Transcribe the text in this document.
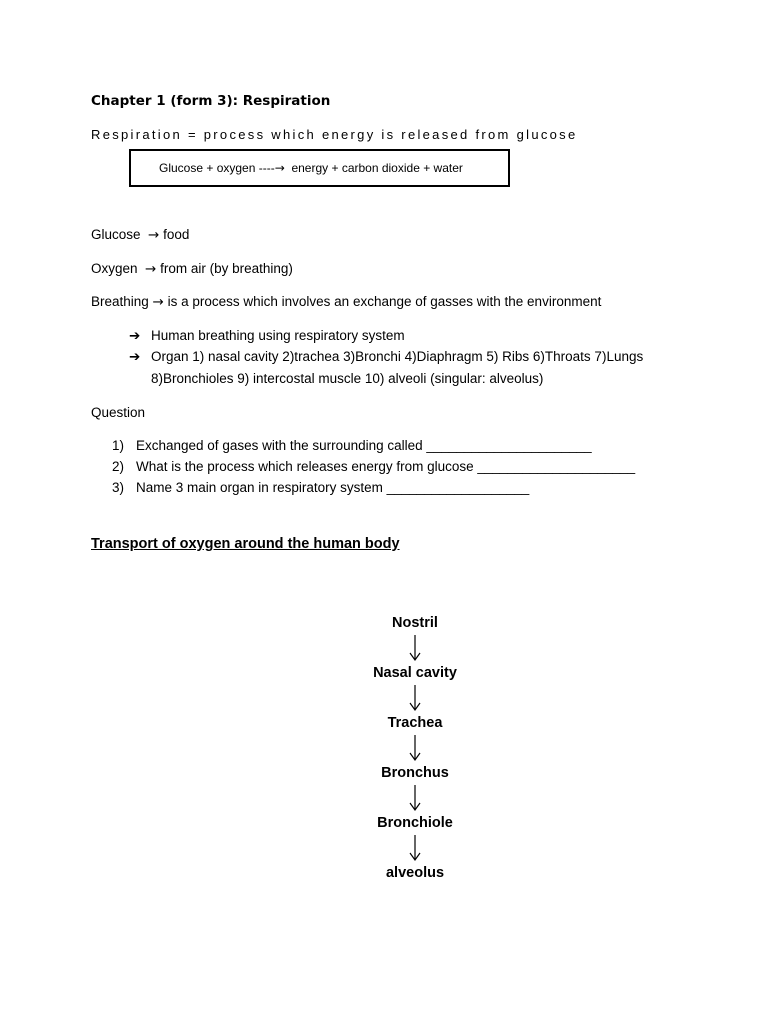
Chapter 1 (form 3): Respiration
Respiration = process which energy is released from glucose
Glucose + oxygen ---- → energy + carbon dioxide + water
Glucose  → food
Oxygen  → from air (by breathing)
Breathing → is a process which involves an exchange of gasses with the environment
➔ Human breathing using respiratory system
➔ Organ 1) nasal cavity 2)trachea 3)Bronchi 4)Diaphragm 5) Ribs 6)Throats 7)Lungs
8)Bronchioles 9) intercostal muscle 10) alveoli (singular: alveolus)
Question
1) Exchanged of gases with the surrounding called ______________________
2) What is the process which releases energy from glucose _____________________
3) Name 3 main organ in respiratory system ___________________
Transport of oxygen around the human body
Nostril
Nasal cavity
Trachea
Bronchus
Bronchiole
alveolus
